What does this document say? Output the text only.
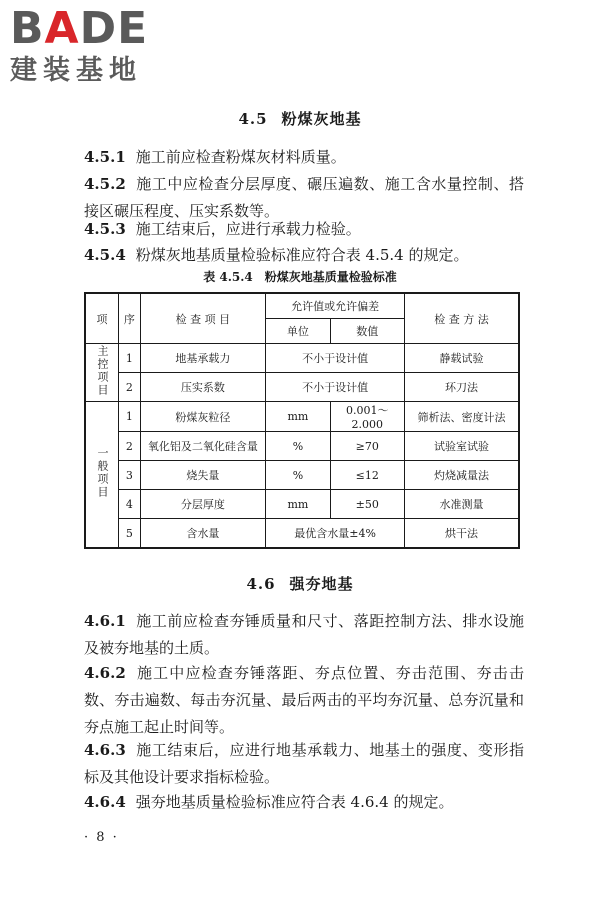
BADE
建装基地
4.5 粉煤灰地基
4.5.1 施工前应检查粉煤灰材料质量。
4.5.2 施工中应检查分层厚度、碾压遍数、施工含水量控制、搭接区碾压程度、压实系数等。
4.5.3 施工结束后，应进行承载力检验。
4.5.4 粉煤灰地基质量检验标准应符合表 4.5.4 的规定。
表 4.5.4 粉煤灰地基质量检验标准
项	序	检 查 项 目	允许值或允许偏差		检 查 方 法
			单位	数值	
主控项目	1	地基承载力	不小于设计值		静载试验
	2	压实系数	不小于设计值		环刀法
一般项目	1	粉煤灰粒径	mm	0.001～2.000	筛析法、密度计法
	2	氧化铝及二氧化硅含量	%	≥70	试验室试验
	3	烧失量	%	≤12	灼烧减量法
	4	分层厚度	mm	±50	水准测量
	5	含水量	最优含水量±4%		烘干法
4.6 强夯地基
4.6.1 施工前应检查夯锤质量和尺寸、落距控制方法、排水设施及被夯地基的土质。
4.6.2 施工中应检查夯锤落距、夯点位置、夯击范围、夯击击数、夯击遍数、每击夯沉量、最后两击的平均夯沉量、总夯沉量和夯点施工起止时间等。
4.6.3 施工结束后，应进行地基承载力、地基土的强度、变形指标及其他设计要求指标检验。
4.6.4 强夯地基质量检验标准应符合表 4.6.4 的规定。
· 8 ·
